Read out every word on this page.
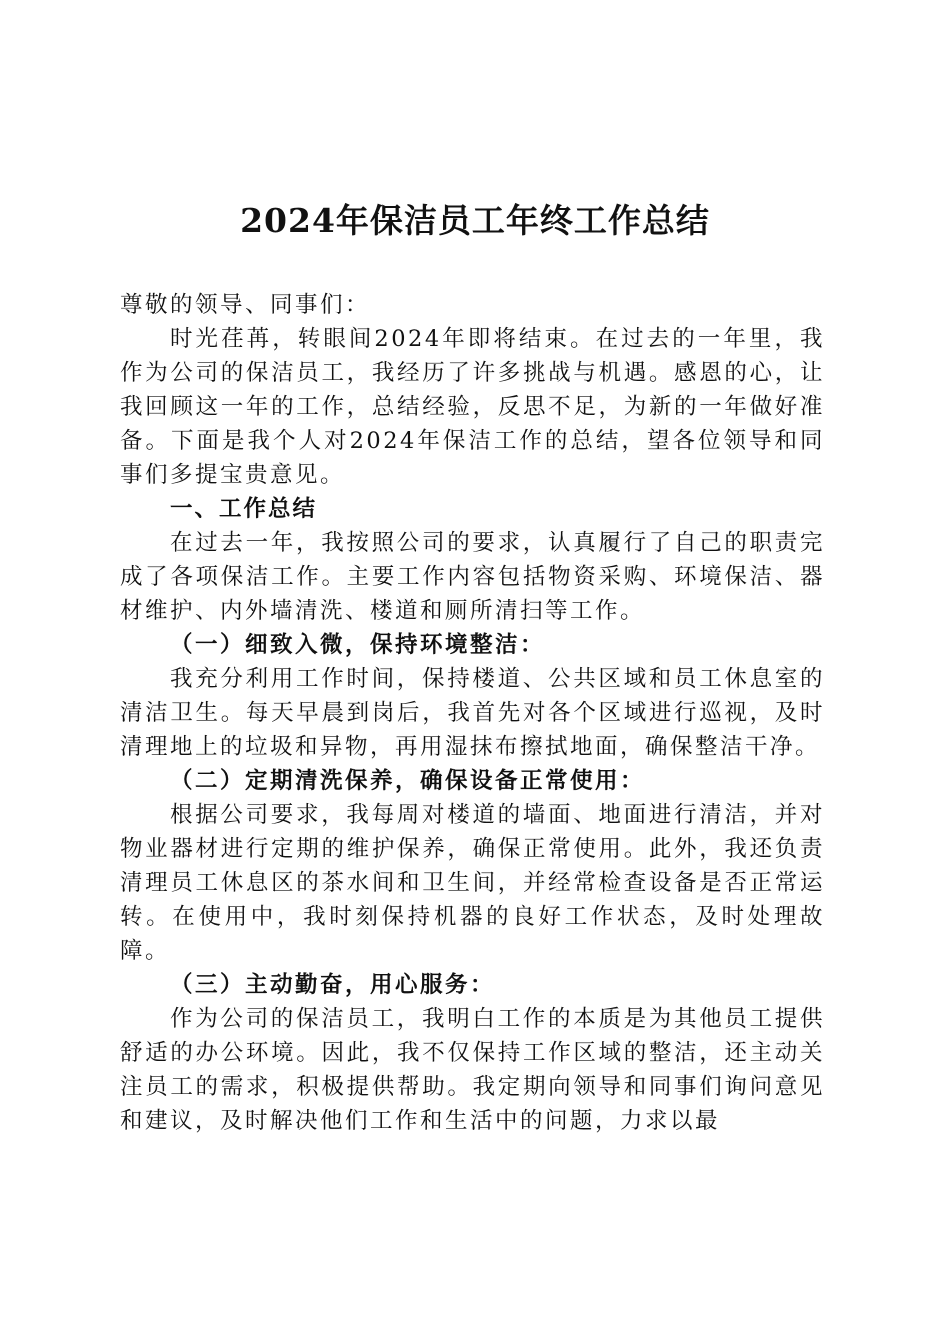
2024年保洁员工年终工作总结

尊敬的领导、同事们：

时光荏苒，转眼间2024年即将结束。在过去的一年里，我作为公司的保洁员工，我经历了许多挑战与机遇。感恩的心，让我回顾这一年的工作，总结经验，反思不足，为新的一年做好准备。下面是我个人对2024年保洁工作的总结，望各位领导和同事们多提宝贵意见。

一、工作总结

在过去一年，我按照公司的要求，认真履行了自己的职责完成了各项保洁工作。主要工作内容包括物资采购、环境保洁、器材维护、内外墙清洗、楼道和厕所清扫等工作。

（一）细致入微，保持环境整洁：

我充分利用工作时间，保持楼道、公共区域和员工休息室的清洁卫生。每天早晨到岗后，我首先对各个区域进行巡视，及时清理地上的垃圾和异物，再用湿抹布擦拭地面，确保整洁干净。

（二）定期清洗保养，确保设备正常使用：

根据公司要求，我每周对楼道的墙面、地面进行清洁，并对物业器材进行定期的维护保养，确保正常使用。此外，我还负责清理员工休息区的茶水间和卫生间，并经常检查设备是否正常运转。在使用中，我时刻保持机器的良好工作状态，及时处理故障。

（三）主动勤奋，用心服务：

作为公司的保洁员工，我明白工作的本质是为其他员工提供舒适的办公环境。因此，我不仅保持工作区域的整洁，还主动关注员工的需求，积极提供帮助。我定期向领导和同事们询问意见和建议，及时解决他们工作和生活中的问题，力求以最
